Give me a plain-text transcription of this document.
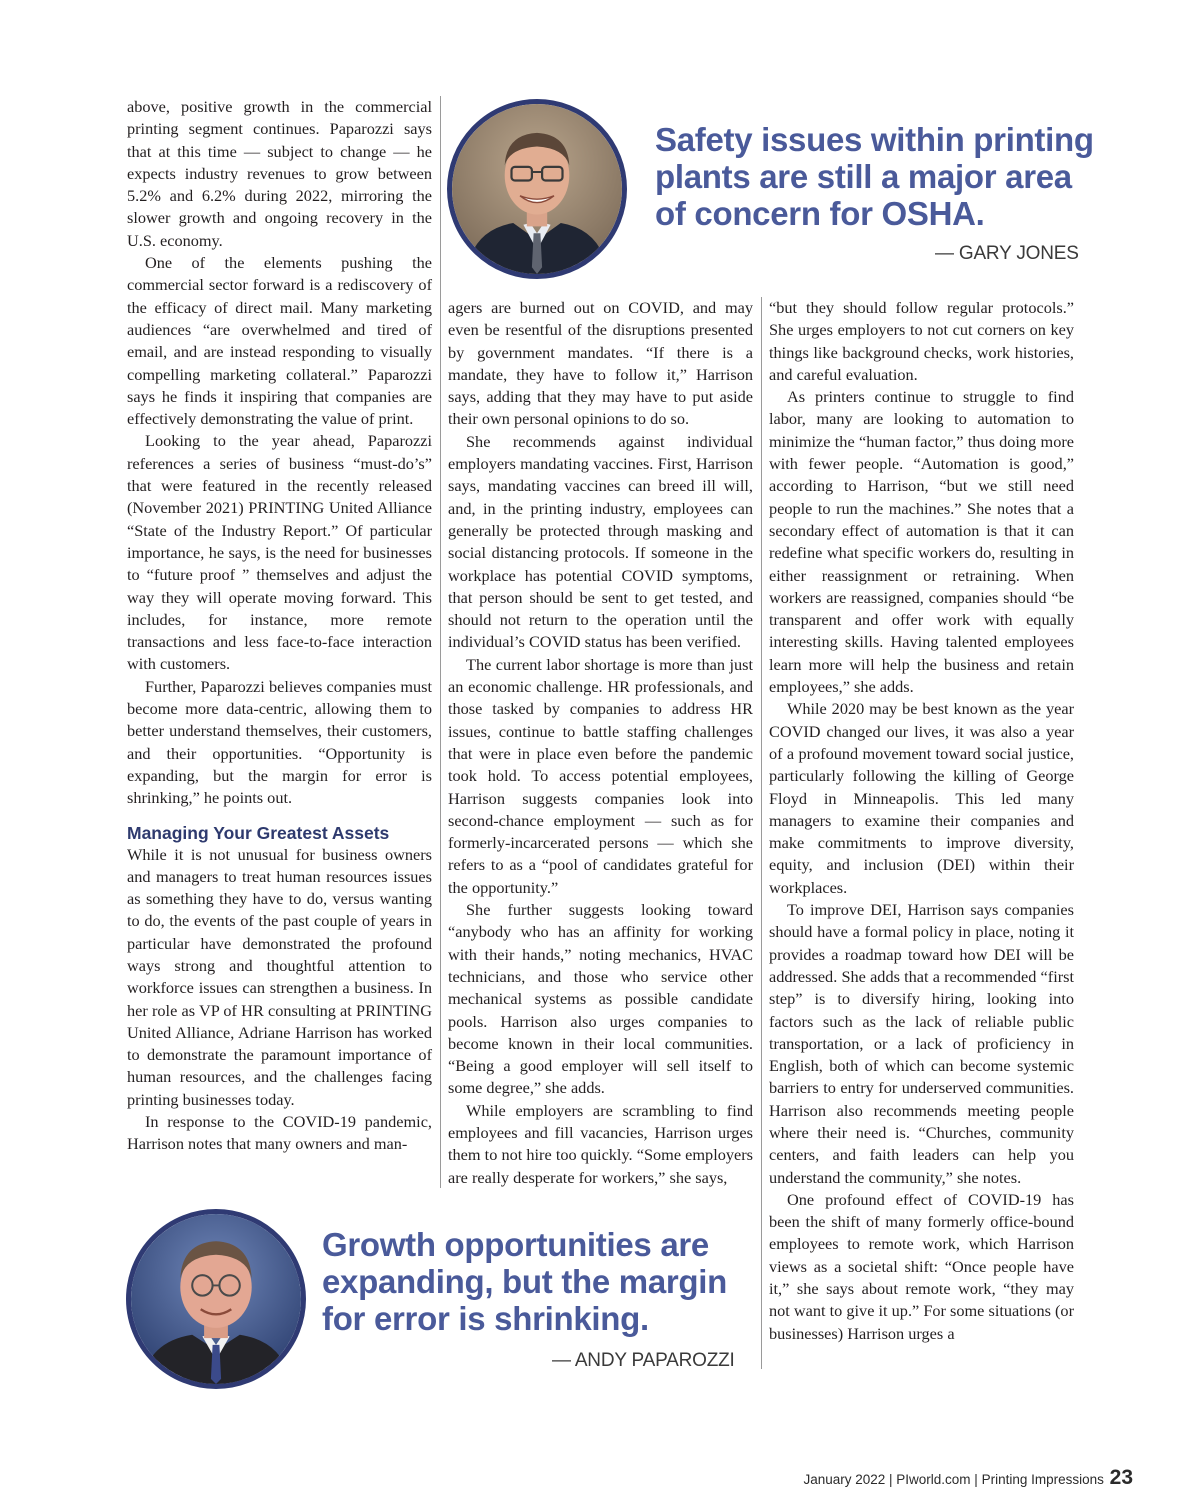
above, positive growth in the commercial printing segment continues. Paparozzi says that at this time — subject to change — he expects industry revenues to grow between 5.2% and 6.2% during 2022, mirroring the slower growth and ongoing recovery in the U.S. economy.

One of the elements pushing the commercial sector forward is a rediscovery of the efficacy of direct mail. Many marketing audiences “are overwhelmed and tired of email, and are instead responding to visually compelling marketing collateral.” Paparozzi says he finds it inspiring that companies are effectively demonstrating the value of print.

Looking to the year ahead, Paparozzi references a series of business “must-do’s” that were featured in the recently released (November 2021) PRINTING United Alliance “State of the Industry Report.” Of particular importance, he says, is the need for businesses to “future proof ” themselves and adjust the way they will operate moving forward. This includes, for instance, more remote transactions and less face-to-face interaction with customers.

Further, Paparozzi believes companies must become more data-centric, allowing them to better understand themselves, their customers, and their opportunities. “Opportunity is expanding, but the margin for error is shrinking,” he points out.

Managing Your Greatest Assets

While it is not unusual for business owners and managers to treat human resources issues as something they have to do, versus wanting to do, the events of the past couple of years in particular have demonstrated the profound ways strong and thoughtful attention to workforce issues can strengthen a business. In her role as VP of HR consulting at PRINTING United Alliance, Adriane Harrison has worked to demonstrate the paramount importance of human resources, and the challenges facing printing businesses today.

In response to the COVID-19 pandemic, Harrison notes that many owners and man-

agers are burned out on COVID, and may even be resentful of the disruptions presented by government mandates. “If there is a mandate, they have to follow it,” Harrison says, adding that they may have to put aside their own personal opinions to do so.

She recommends against individual employers mandating vaccines. First, Harrison says, mandating vaccines can breed ill will, and, in the printing industry, employees can generally be protected through masking and social distancing protocols. If someone in the workplace has potential COVID symptoms, that person should be sent to get tested, and should not return to the operation until the individual’s COVID status has been verified.

The current labor shortage is more than just an economic challenge. HR professionals, and those tasked by companies to address HR issues, continue to battle staffing challenges that were in place even before the pandemic took hold. To access potential employees, Harrison suggests companies look into second-chance employment — such as for formerly-incarcerated persons — which she refers to as a “pool of candidates grateful for the opportunity.”

She further suggests looking toward “anybody who has an affinity for working with their hands,” noting mechanics, HVAC technicians, and those who service other mechanical systems as possible candidate pools. Harrison also urges companies to become known in their local communities. “Being a good employer will sell itself to some degree,” she adds.

While employers are scrambling to find employees and fill vacancies, Harrison urges them to not hire too quickly. “Some employers are really desperate for workers,” she says,

“but they should follow regular protocols.” She urges employers to not cut corners on key things like background checks, work histories, and careful evaluation.

As printers continue to struggle to find labor, many are looking to automation to minimize the “human factor,” thus doing more with fewer people. “Automation is good,” according to Harrison, “but we still need people to run the machines.” She notes that a secondary effect of automation is that it can redefine what specific workers do, resulting in either reassignment or retraining. When workers are reassigned, companies should “be transparent and offer work with equally interesting skills. Having talented employees learn more will help the business and retain employees,” she adds.

While 2020 may be best known as the year COVID changed our lives, it was also a year of a profound movement toward social justice, particularly following the killing of George Floyd in Minneapolis. This led many managers to examine their companies and make commitments to improve diversity, equity, and inclusion (DEI) within their workplaces.

To improve DEI, Harrison says companies should have a formal policy in place, noting it provides a roadmap toward how DEI will be addressed. She adds that a recommended “first step” is to diversify hiring, looking into factors such as the lack of reliable public transportation, or a lack of proficiency in English, both of which can become systemic barriers to entry for underserved communities. Harrison also recommends meeting people where their need is. “Churches, community centers, and faith leaders can help you understand the community,” she notes.

One profound effect of COVID-19 has been the shift of many formerly office-bound employees to remote work, which Harrison views as a societal shift: “Once people have it,” she says about remote work, “they may not want to give it up.” For some situations (or businesses) Harrison urges a

Safety issues within printing
plants are still a major area
of concern for OSHA.
— GARY JONES
Growth opportunities are
expanding, but the margin
for error is shrinking.
— ANDY PAPAROZZI
January 2022 | PIworld.com | Printing Impressions 23
